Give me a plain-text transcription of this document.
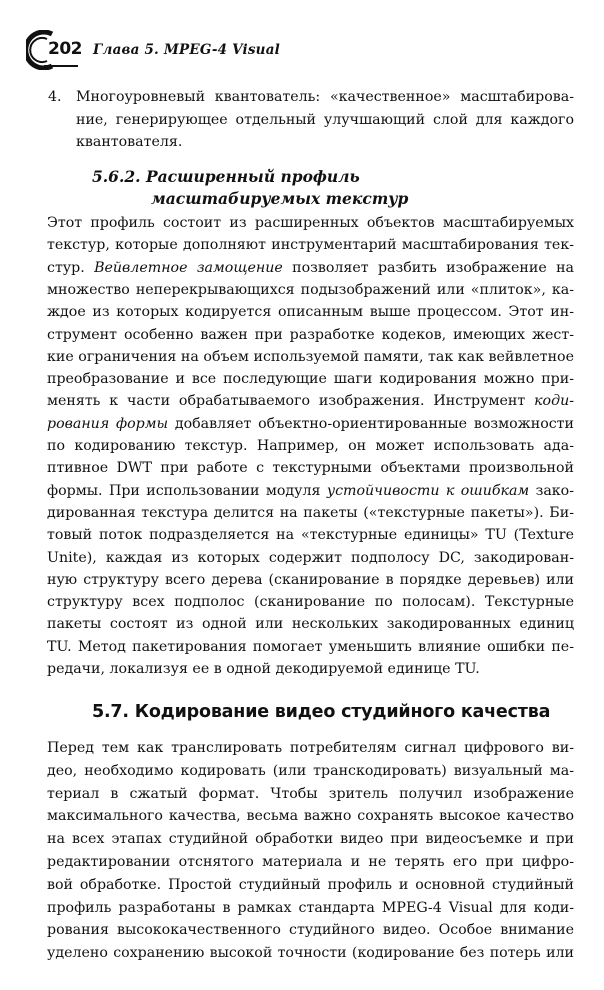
202 Глава 5. MPEG-4 Visual
4. Многоуровневый квантователь: «качественное» масштабирова-
ние, генерирующее отдельный улучшающий слой для каждого
квантователя.
5.6.2. Расширенный профиль
масштабируемых текстур
Этот профиль состоит из расширенных объектов масштабируемых
текстур, которые дополняют инструментарий масштабирования тек-
стур. Вейвлетное замощение позволяет разбить изображение на
множество неперекрывающихся подызображений или «плиток», ка-
ждое из которых кодируется описанным выше процессом. Этот ин-
струмент особенно важен при разработке кодеков, имеющих жест-
кие ограничения на объем используемой памяти, так как вейвлетное
преобразование и все последующие шаги кодирования можно при-
менять к части обрабатываемого изображения. Инструмент коди-
рования формы добавляет объектно-ориентированные возможности
по кодированию текстур. Например, он может использовать ада-
птивное DWT при работе с текстурными объектами произвольной
формы. При использовании модуля устойчивости к ошибкам зако-
дированная текстура делится на пакеты («текстурные пакеты»). Би-
товый поток подразделяется на «текстурные единицы» TU (Texture
Unite), каждая из которых содержит подполосу DC, закодирован-
ную структуру всего дерева (сканирование в порядке деревьев) или
структуру всех подполос (сканирование по полосам). Текстурные
пакеты состоят из одной или нескольких закодированных единиц
TU. Метод пакетирования помогает уменьшить влияние ошибки пе-
редачи, локализуя ее в одной декодируемой единице TU.
5.7. Кодирование видео студийного качества
Перед тем как транслировать потребителям сигнал цифрового ви-
део, необходимо кодировать (или транскодировать) визуальный ма-
териал в сжатый формат. Чтобы зритель получил изображение
максимального качества, весьма важно сохранять высокое качество
на всех этапах студийной обработки видео при видеосъемке и при
редактировании отснятого материала и не терять его при цифро-
вой обработке. Простой студийный профиль и основной студийный
профиль разработаны в рамках стандарта MPEG-4 Visual для коди-
рования высококачественного студийного видео. Особое внимание
уделено сохранению высокой точности (кодирование без потерь или
